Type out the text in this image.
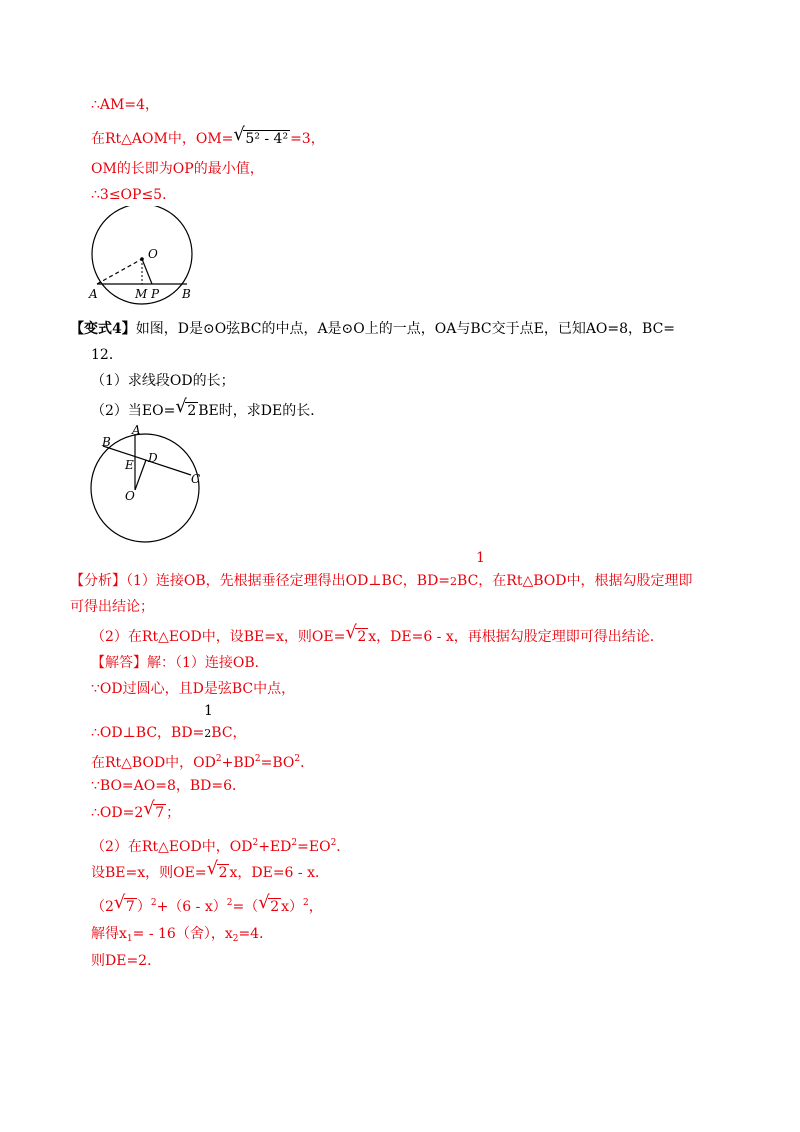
∴AM=4，
在Rt△AOM中，OM= √ 5² - 4² =3，
OM的长即为OP的最小值，
∴3≤OP≤5．
O
A	M P B
【变式4】如图，D是⊙O弦BC的中点，A是⊙O上的一点，OA与BC交于点E，已知AO=8，BC=
12．
（1）求线段OD的长；
（2）当EO= √ 2 BE时，求DE的长．
A
B
C
D
E
O
1
【分析】（1）连接OB，先根据垂径定理得出OD⊥BC，BD=2BC，在Rt△BOD中，根据勾股定理即
可得出结论；
（2）在Rt△EOD中，设BE=x，则OE= √ 2 x，DE=6 - x，再根据勾股定理即可得出结论．
【解答】解：（1）连接OB．
∵OD过圆心，且D是弦BC中点，
1
∴OD⊥BC，BD=2BC，
在Rt△BOD中，$OD^2+BD^2=BO^2$．
∵BO=AO=8，BD=6．
∴OD=2 √ 7 ；
（2）在Rt△EOD中，$OD^2+ED^2=EO^2$．
设BE=x，则OE= √ 2 x，DE=6 - x．
（2 √ 7 ）$^2$+（6 - x）$^2$=（ √ 2 x）$^2$，
解得$x_1= - 16$（舍），$x_2=4$．
则DE=2．
